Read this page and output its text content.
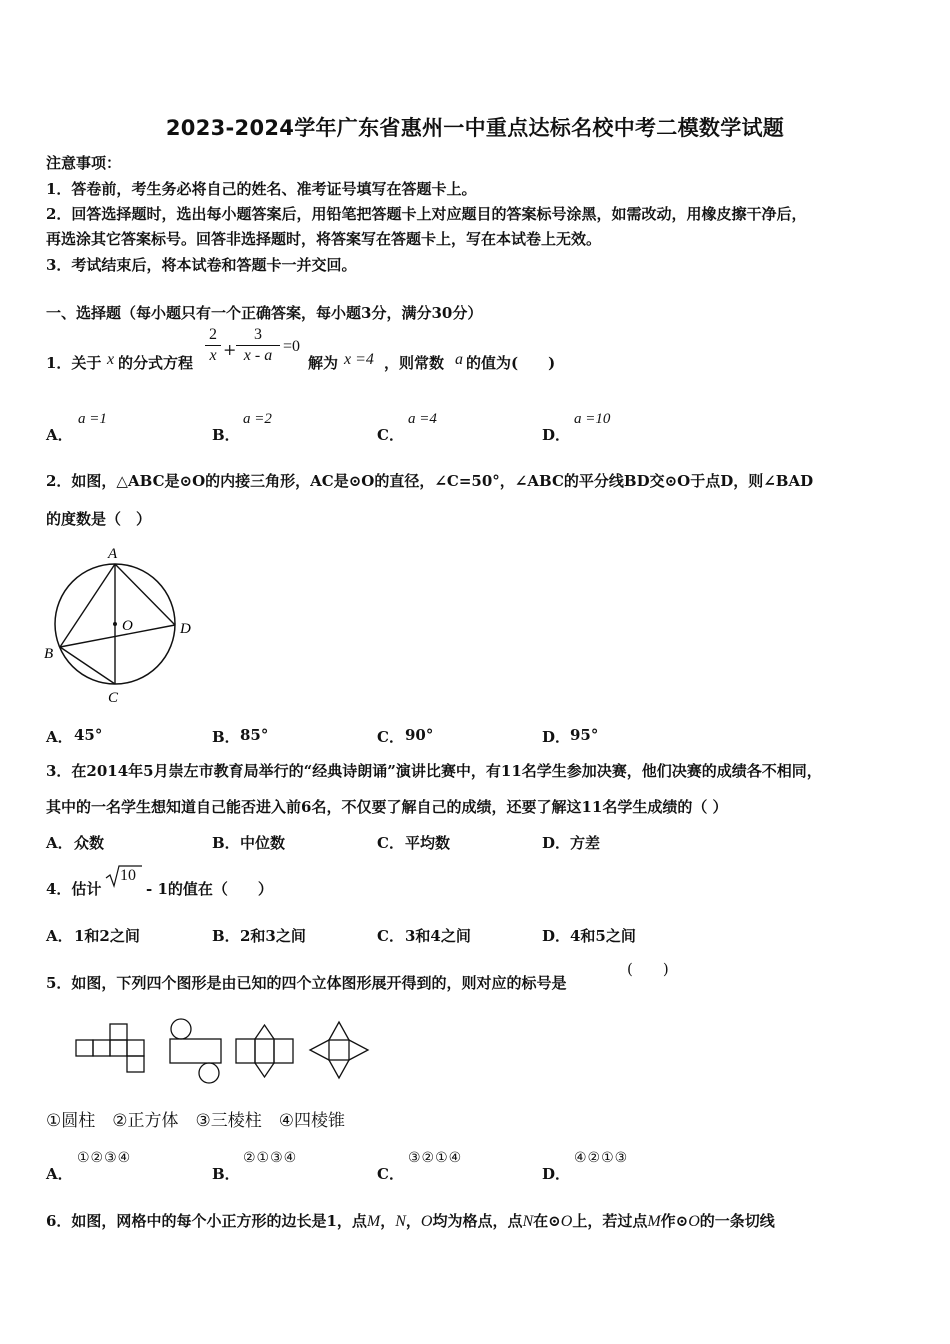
2023-2024学年广东省惠州一中重点达标名校中考二模数学试题
注意事项：
1．答卷前，考生务必将自己的姓名、准考证号填写在答题卡上。
2．回答选择题时，选出每小题答案后，用铅笔把答题卡上对应题目的答案标号涂黑，如需改动，用橡皮擦干净后，
再选涂其它答案标号。回答非选择题时，将答案写在答题卡上，写在本试卷上无效。
3．考试结束后，将本试卷和答题卡一并交回。
一、选择题（每小题只有一个正确答案，每小题3分，满分30分）
1．关于 x 的分式方程
2
x +
3
x - a
=0
解为 x =4 ，则常数 a 的值为(　　)
A．
a =1
B．
a =2
C．
a =4
D．
a =10
2．如图，△ABC是⊙O的内接三角形，AC是⊙O的直径，∠C=50°，∠ABC的平分线BD交⊙O于点D，则∠BAD
的度数是（　）
A
B
C
D
O
A． 45°	B． 85°	C． 90°	D． 95°
3．在2014年5月崇左市教育局举行的“经典诗朗诵”演讲比赛中，有11名学生参加决赛，他们决赛的成绩各不相同，
其中的一名学生想知道自己能否进入前6名，不仅要了解自己的成绩，还要了解这11名学生成绩的（ ）
A． 众数	B． 中位数	C． 平均数	D． 方差
4．估计
10
- 1的值在（　　）
A． 1和2之间	B． 2和3之间	C． 3和4之间	D． 4和5之间
5．如图，下列四个图形是由已知的四个立体图形展开得到的，则对应的标号是
(　　)
①圆柱　②正方体　③三棱柱　④四棱锥
A．
①②③④
B．
②①③④
C．
③②①④
D．
④②①③
6．如图，网格中的每个小正方形的边长是1，点M，N，O均为格点，点N在⊙O上，若过点M作⊙O的一条切线
